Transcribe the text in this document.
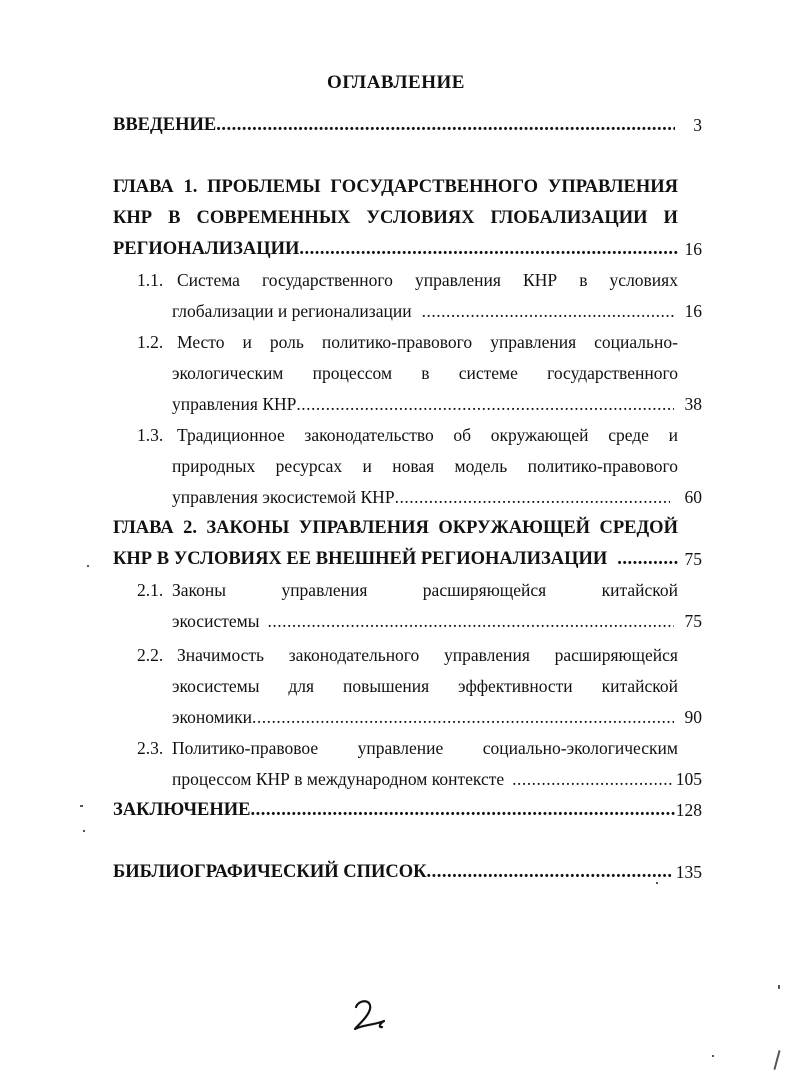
ОГЛАВЛЕНИЕ
ВВЕДЕНИЕ .....	3
ГЛАВА 1. ПРОБЛЕМЫ ГОСУДАРСТВЕННОГО УПРАВЛЕНИЯ
КНР В СОВРЕМЕННЫХ УСЛОВИЯХ ГЛОБАЛИЗАЦИИ И
РЕГИОНАЛИЗАЦИИ .....	16
1.1. Система государственного управления КНР в условиях
глобализации и регионализации .....	16
1.2. Место и роль политико-правового управления социально-
экологическим процессом в системе государственного
управления КНР .....	38
1.3. Традиционное законодательство об окружающей среде и
природных ресурсах и новая модель политико-правового
управления экосистемой КНР .....	60
ГЛАВА 2. ЗАКОНЫ УПРАВЛЕНИЯ ОКРУЖАЮЩЕЙ СРЕДОЙ
КНР В УСЛОВИЯХ ЕЕ ВНЕШНЕЙ РЕГИОНАЛИЗАЦИИ .....	75
2.1. Законы	управления	расширяющейся	китайской
экосистемы .....	75
2.2. Значимость законодательного управления расширяющейся
экосистемы для повышения эффективности китайской
экономики .....	90
2.3. Политико-правовое управление социально-экологическим
процессом КНР в международном контексте .....	105
ЗАКЛЮЧЕНИЕ .....	128
БИБЛИОГРАФИЧЕСКИЙ СПИСОК .....	135
